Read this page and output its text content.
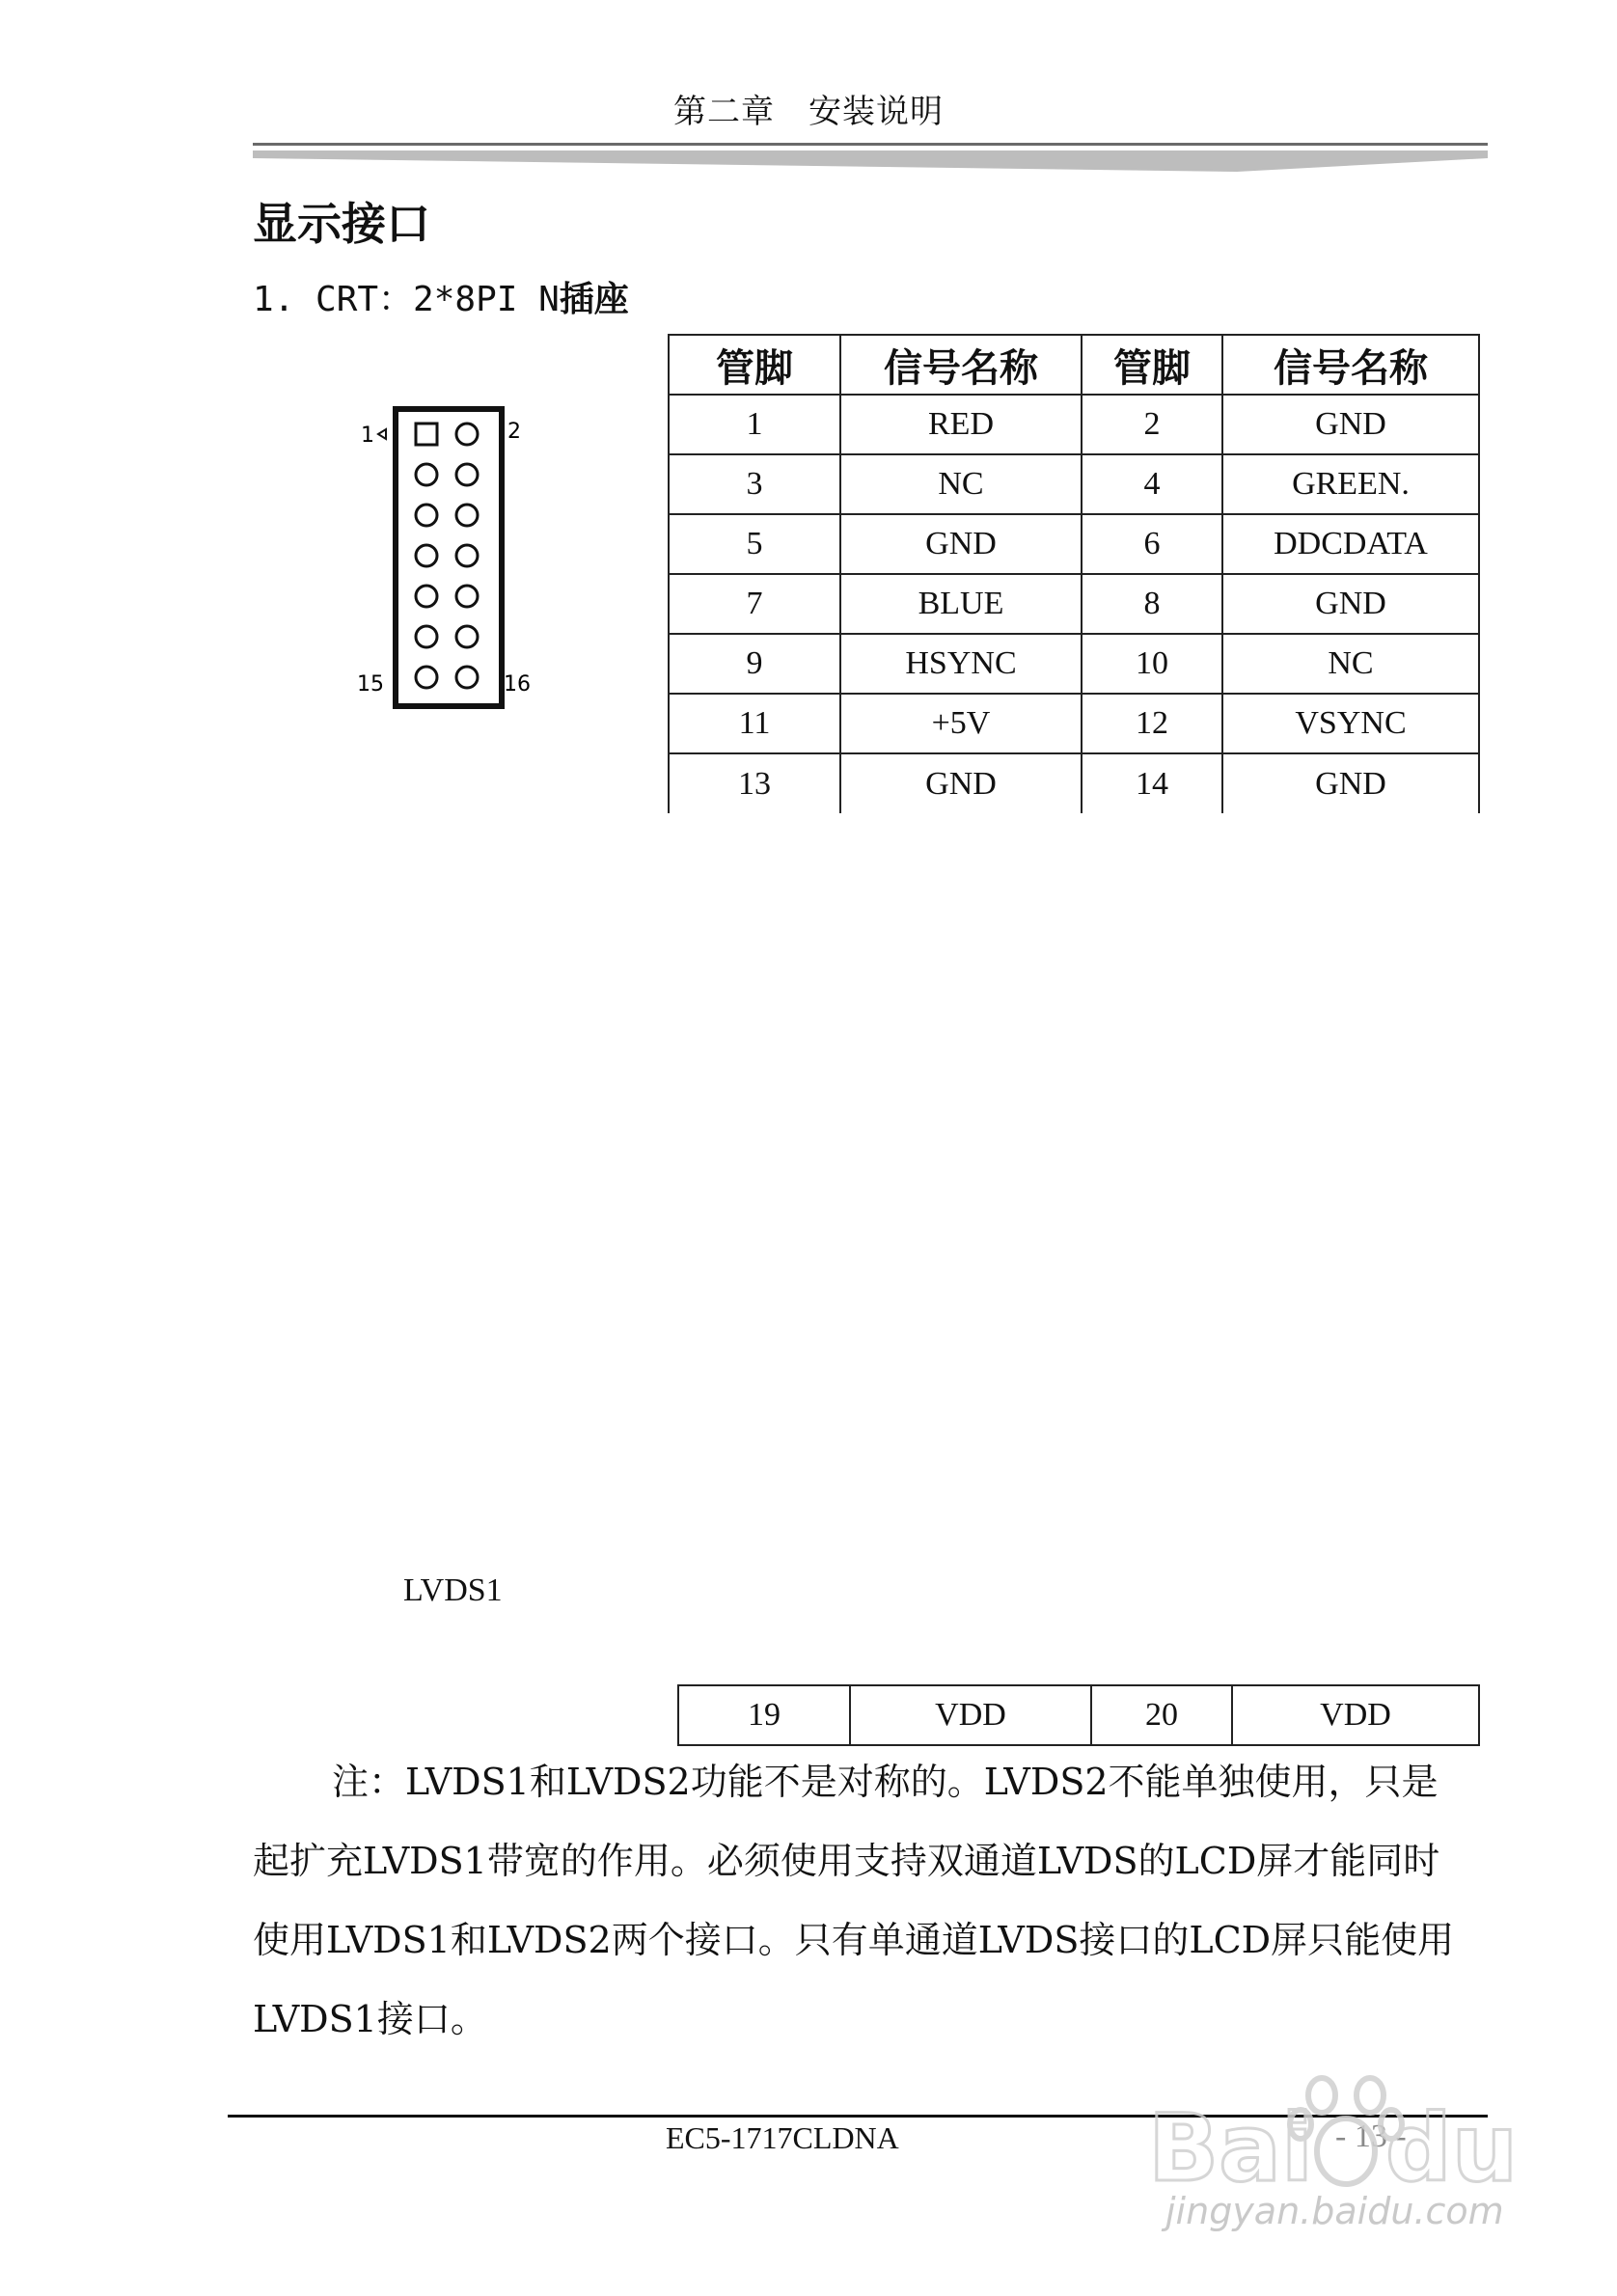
第二章　安装说明
显示接口
1. CRT：2*8PI N插座
1	2
15	16
管脚	信号名称	管脚	信号名称
1	RED	2	GND
3	NC	4	GREEN.
5	GND	6	DDCDATA
7	BLUE	8	GND
9	HSYNC	10	NC
11	+5V	12	VSYNC
13	GND	14	GND
LVDS1
19	VDD	20	VDD
注：LVDS1和LVDS2功能不是对称的。LVDS2不能单独使用，只是
起扩充LVDS1带宽的作用。必须使用支持双通道LVDS的LCD屏才能同时
使用LVDS1和LVDS2两个接口。只有单通道LVDS接口的LCD屏只能使用
LVDS1接口。
EC5-1717CLDNA	- 13 -
Bai du
jingyan.baidu.com
